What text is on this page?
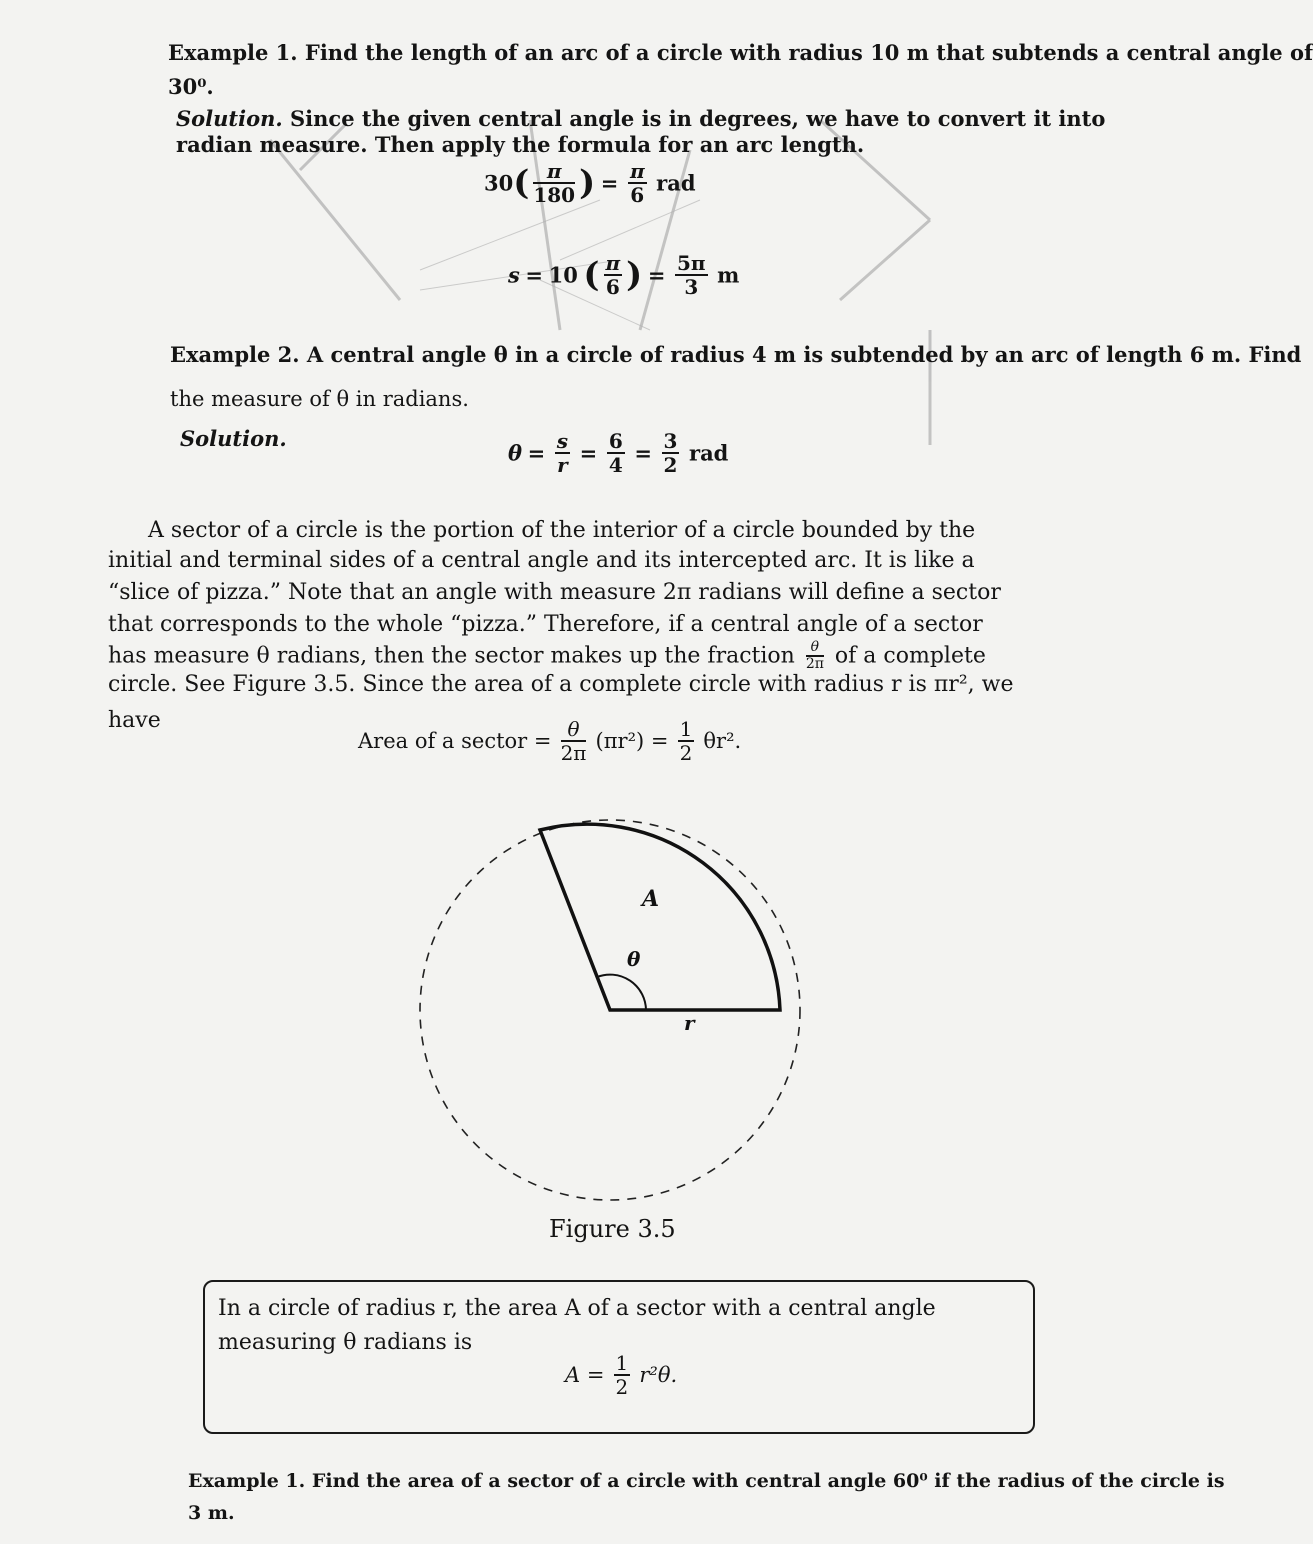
Example 1. Find the length of an arc of a circle with radius 10 m that subtends a central angle of
30⁰.
Solution. Since the given central angle is in degrees, we have to convert it into
radian measure. Then apply the formula for an arc length.
$30( \frac{\pi}{180}$ ) = $\frac{\pi}{6}$ rad
s = 10 ( $\frac{\pi}{6}$ ) = $\frac{5\pi}{3}$ m
Example 2. A central angle θ in a circle of radius 4 m is subtended by an arc of length 6 m. Find
the measure of θ in radians.
Solution.
$\theta = \frac{s}{r} = \frac{6}{4} = \frac{3}{2}$ rad
A sector of a circle is the portion of the interior of a circle bounded by the
initial and terminal sides of a central angle and its intercepted arc. It is like a
“slice of pizza.” Note that an angle with measure 2π radians will define a sector
that corresponds to the whole “pizza.” Therefore, if a central angle of a sector
has measure θ radians, then the sector makes up the fraction $\frac{\theta}{2\pi}$ of a complete
circle. See Figure 3.5. Since the area of a complete circle with radius r is πr², we
have
Area of a sector = $\frac{\theta}{2\pi} (\pi r^2) = \frac{1}{2} \theta r^2$.
A
θ
r
Figure 3.5
In a circle of radius r, the area A of a sector with a central angle
measuring θ radians is
$A = \frac{1}{2} r^2\theta$.
Example 1. Find the area of a sector of a circle with central angle 60⁰ if the radius of the circle is
3 m.
